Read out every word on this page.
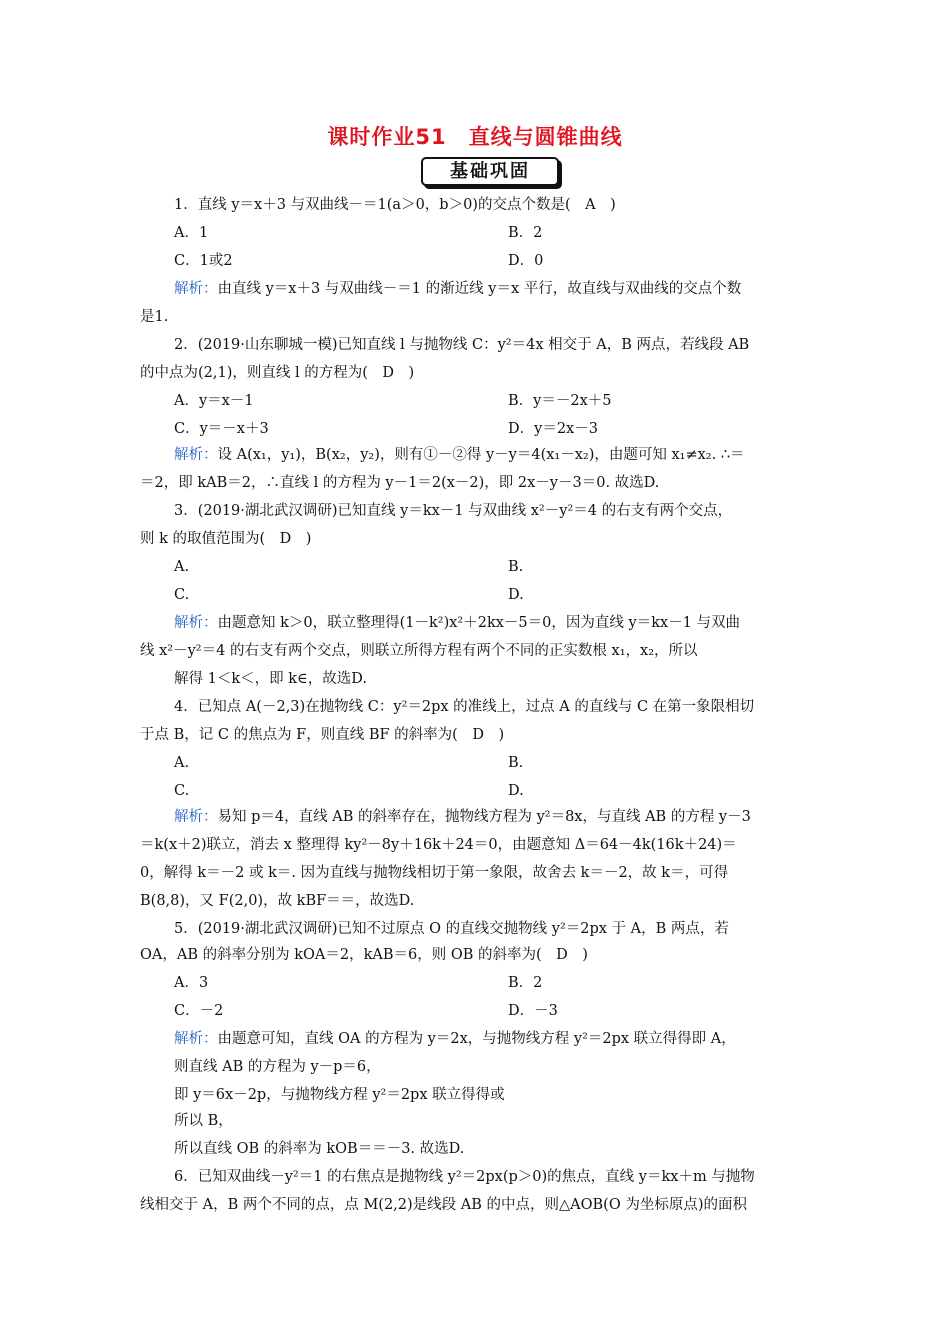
课时作业51　直线与圆锥曲线
基础巩固
1．直线 y＝x＋3 与双曲线－＝1(a＞0，b＞0)的交点个数是(　A　)
A．1	B．2
C．1或2	D．0
解析：由直线 y＝x＋3 与双曲线－＝1 的渐近线 y＝x 平行，故直线与双曲线的交点个数
是1.
2．(2019·山东聊城一模)已知直线 l 与抛物线 C：y²＝4x 相交于 A，B 两点，若线段 AB
的中点为(2,1)，则直线 l 的方程为(　D　)
A．y＝x－1	B．y＝－2x＋5
C．y＝－x＋3	D．y＝2x－3
解析：设 A(x₁，y₁)，B(x₂，y₂)，则有①－②得 y－y＝4(x₁－x₂)，由题可知 x₁≠x₂. ∴＝
＝2，即 kAB＝2，∴直线 l 的方程为 y－1＝2(x－2)，即 2x－y－3＝0. 故选D.
3．(2019·湖北武汉调研)已知直线 y＝kx－1 与双曲线 x²－y²＝4 的右支有两个交点，
则 k 的取值范围为(　D　)
A.	B.
C.	D.
解析：由题意知 k＞0，联立整理得(1－k²)x²＋2kx－5＝0，因为直线 y＝kx－1 与双曲
线 x²－y²＝4 的右支有两个交点，则联立所得方程有两个不同的正实数根 x₁，x₂，所以
解得 1＜k＜，即 k∈，故选D.
4．已知点 A(－2,3)在抛物线 C：y²＝2px 的准线上，过点 A 的直线与 C 在第一象限相切
于点 B，记 C 的焦点为 F，则直线 BF 的斜率为(　D　)
A.	B.
C.	D.
解析：易知 p＝4，直线 AB 的斜率存在，抛物线方程为 y²＝8x，与直线 AB 的方程 y－3
＝k(x＋2)联立，消去 x 整理得 ky²－8y＋16k＋24＝0，由题意知 Δ＝64－4k(16k＋24)＝
0，解得 k＝－2 或 k＝. 因为直线与抛物线相切于第一象限，故舍去 k＝－2，故 k＝，可得
B(8,8)，又 F(2,0)，故 kBF＝＝，故选D.
5．(2019·湖北武汉调研)已知不过原点 O 的直线交抛物线 y²＝2px 于 A，B 两点，若
OA，AB 的斜率分别为 kOA＝2，kAB＝6，则 OB 的斜率为(　D　)
A．3	B．2
C．－2	D．－3
解析：由题意可知，直线 OA 的方程为 y＝2x，与抛物线方程 y²＝2px 联立得得即 A，
则直线 AB 的方程为 y－p＝6，
即 y＝6x－2p，与抛物线方程 y²＝2px 联立得得或
所以 B，
所以直线 OB 的斜率为 kOB＝＝－3. 故选D.
6．已知双曲线－y²＝1 的右焦点是抛物线 y²＝2px(p＞0)的焦点，直线 y＝kx＋m 与抛物
线相交于 A，B 两个不同的点，点 M(2,2)是线段 AB 的中点，则△AOB(O 为坐标原点)的面积
